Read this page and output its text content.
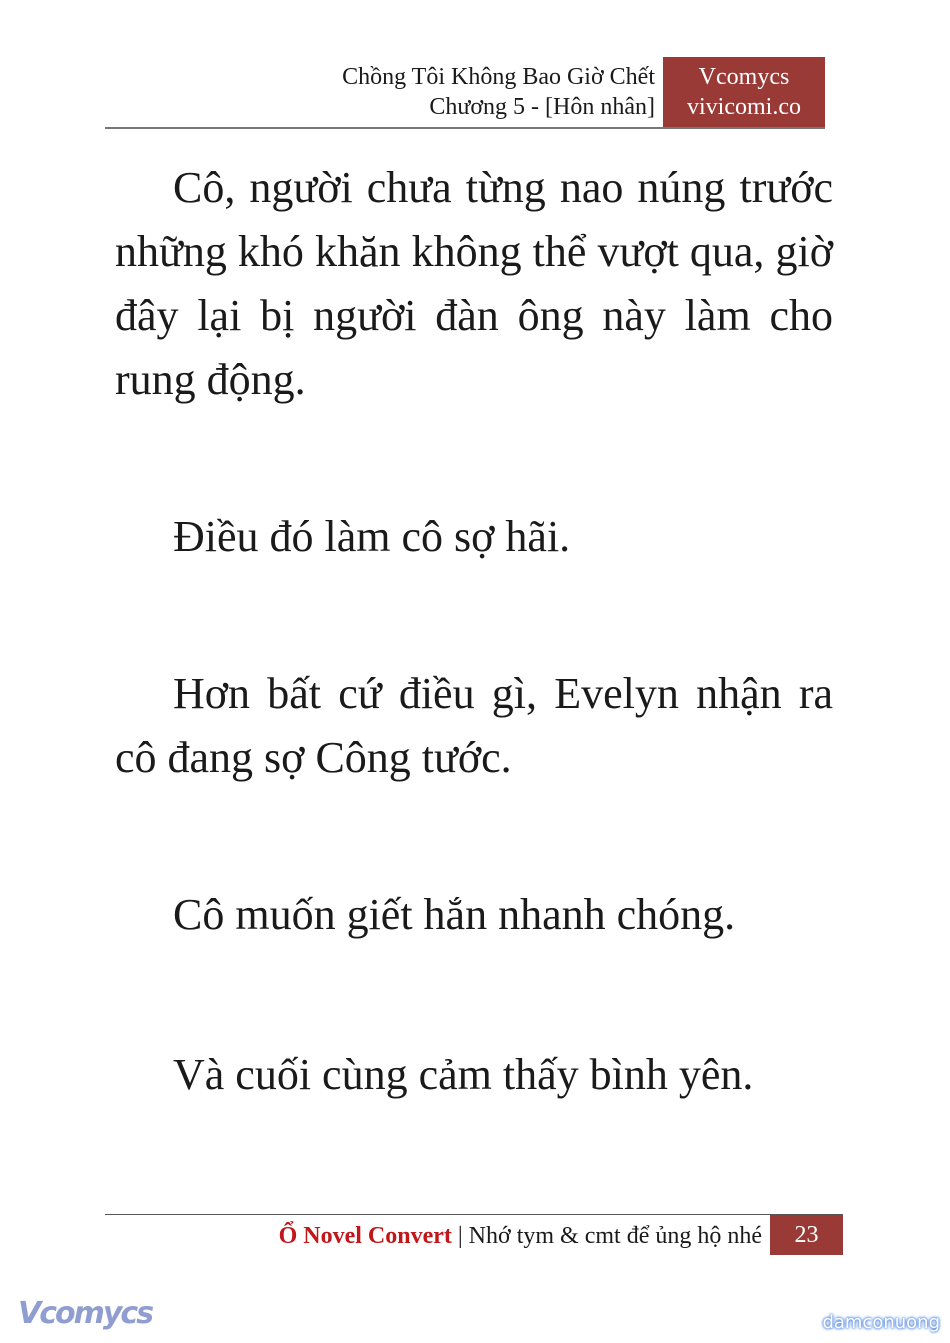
Chồng Tôi Không Bao Giờ Chết
Chương 5 - [Hôn nhân]
Vcomycs
vivicomi.co

Cô, người chưa từng nao núng trước những khó khăn không thể vượt qua, giờ đây lại bị người đàn ông này làm cho rung động.

Điều đó làm cô sợ hãi.

Hơn bất cứ điều gì, Evelyn nhận ra cô đang sợ Công tước.

Cô muốn giết hắn nhanh chóng.

Và cuối cùng cảm thấy bình yên.

Ổ Novel Convert | Nhớ tym & cmt để ủng hộ nhé	23
Vcomycs	damconuong
